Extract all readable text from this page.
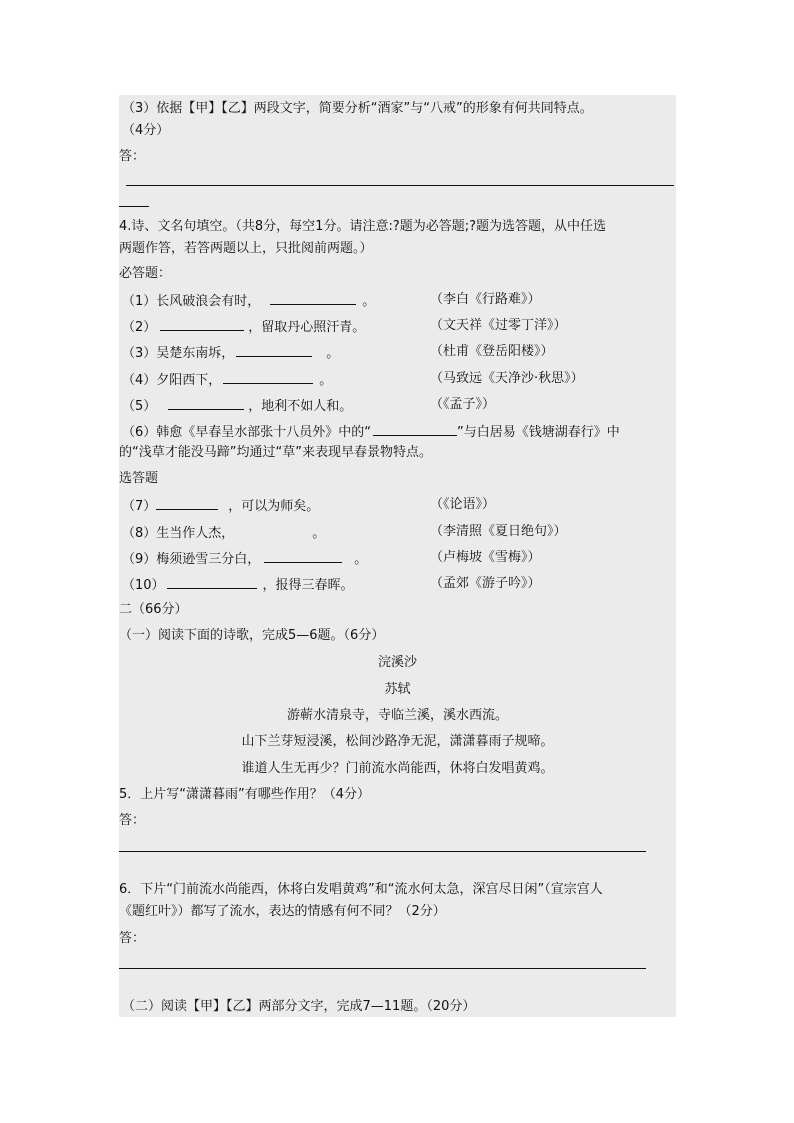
（3）依据【甲】【乙】两段文字，简要分析“酒家”与“八戒”的形象有何共同特点。
（4分）
答：
4.诗、文名句填空。（共8分，每空1分。请注意:?题为必答题;?题为选答题，从中任选
两题作答，若答两题以上，只批阅前两题。）
必答题：
（1）长风破浪会有时，	。	（李白《行路难》）
（2）	，留取丹心照汗青。	（文天祥《过零丁洋》）
（3）吴楚东南坼，	。	（杜甫《登岳阳楼》）
（4）夕阳西下，	。	（马致远《天净沙·秋思》）
（5）	，地利不如人和。	（《孟子》）
（6）韩愈《早春呈水部张十八员外》中的“	”与白居易《钱塘湖春行》中
的“浅草才能没马蹄”均通过“草”来表现早春景物特点。
选答题
（7）	，可以为师矣。	（《论语》）
（8）生当作人杰，	。	（李清照《夏日绝句》）
（9）梅须逊雪三分白，	。	（卢梅坡《雪梅》）
（10）	，报得三春晖。	（孟郊《游子吟》）
二（66分）
（一）阅读下面的诗歌，完成5—6题。（6分）
浣溪沙
苏轼
游蕲水清泉寺，寺临兰溪，溪水西流。
山下兰芽短浸溪，松间沙路净无泥，潇潇暮雨子规啼。
谁道人生无再少？门前流水尚能西，休将白发唱黄鸡。
5．上片写“潇潇暮雨”有哪些作用？（4分）
答：
6．下片“门前流水尚能西，休将白发唱黄鸡”和“流水何太急，深宫尽日闲”（宣宗宫人
《题红叶》）都写了流水，表达的情感有何不同？（2分）
答：
（二）阅读【甲】【乙】两部分文字，完成7—11题。（20分）
